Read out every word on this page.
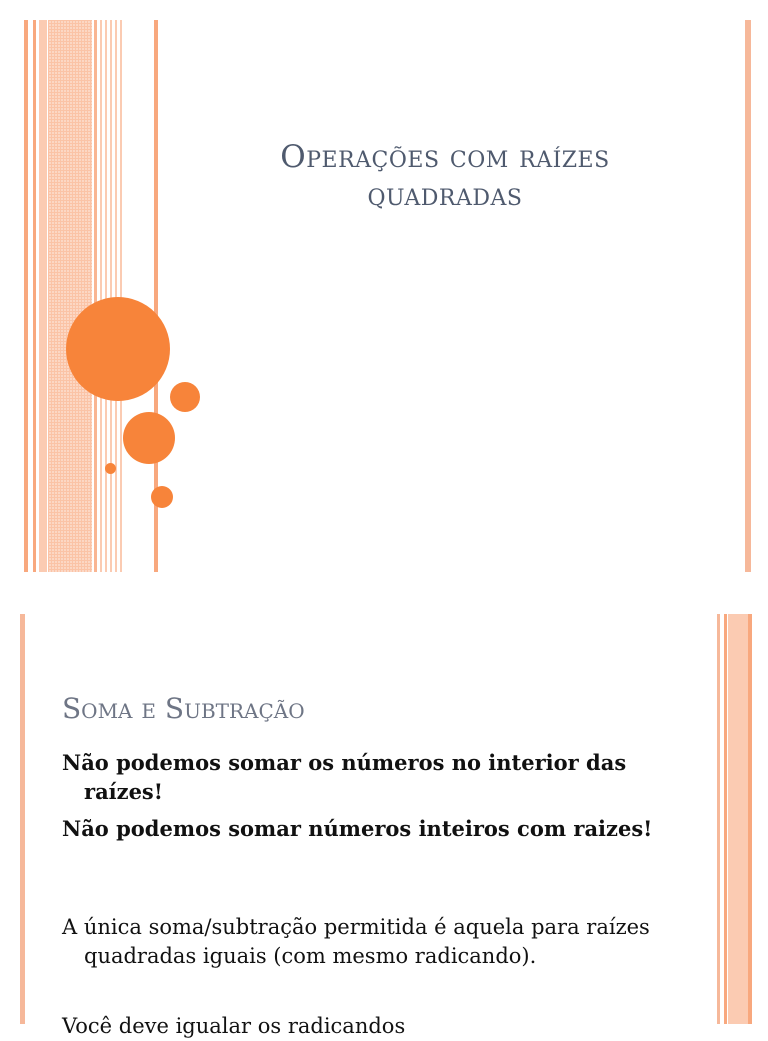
Operações com raízes quadradas
Soma e Subtração
Não podemos somar os números no interior das raízes!
Não podemos somar números inteiros com raizes!
A única soma/subtração permitida é aquela para raízes quadradas iguais (com mesmo radicando).
Você deve igualar os radicandos
